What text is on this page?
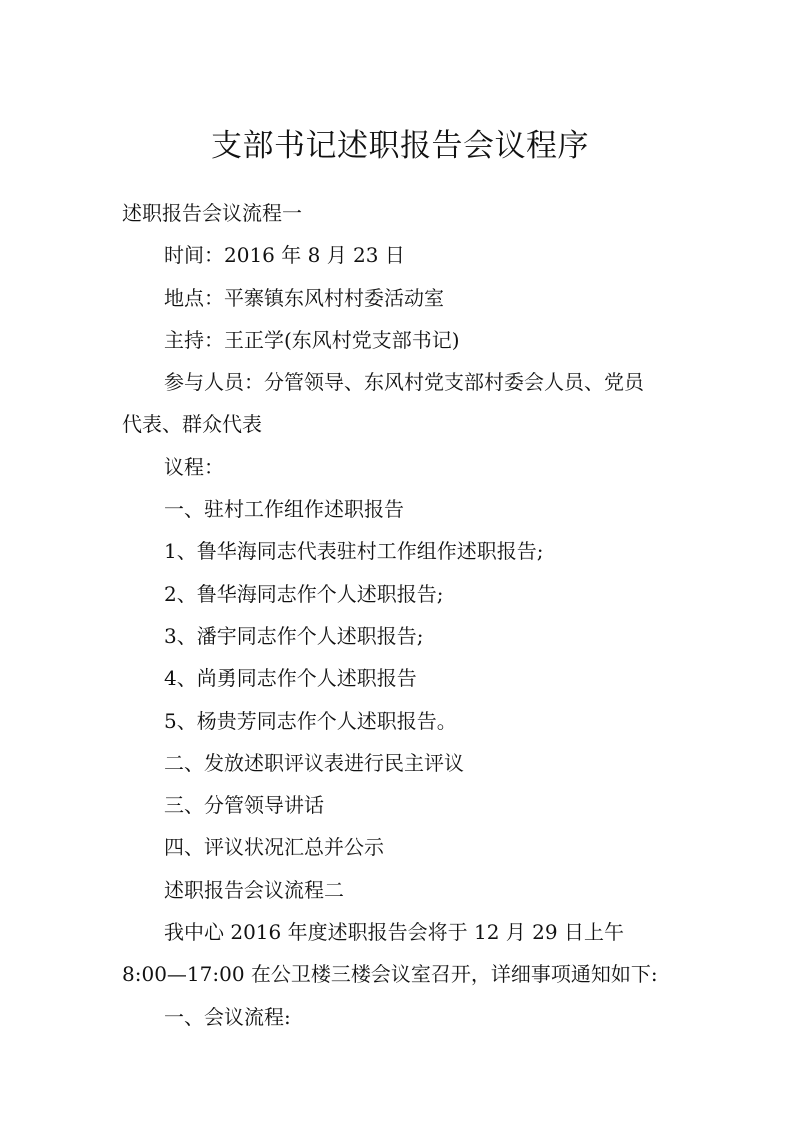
支部书记述职报告会议程序
述职报告会议流程一
时间：2016 年 8 月 23 日
地点：平寨镇东风村村委活动室
主持：王正学(东风村党支部书记)
参与人员：分管领导、东风村党支部村委会人员、党员
代表、群众代表
议程：
一、驻村工作组作述职报告
1、鲁华海同志代表驻村工作组作述职报告;
2、鲁华海同志作个人述职报告;
3、潘宇同志作个人述职报告;
4、尚勇同志作个人述职报告
5、杨贵芳同志作个人述职报告。
二、发放述职评议表进行民主评议
三、分管领导讲话
四、评议状况汇总并公示
述职报告会议流程二
我中心 2016 年度述职报告会将于 12 月 29 日上午
8:00—17:00 在公卫楼三楼会议室召开，详细事项通知如下:
一、会议流程:
